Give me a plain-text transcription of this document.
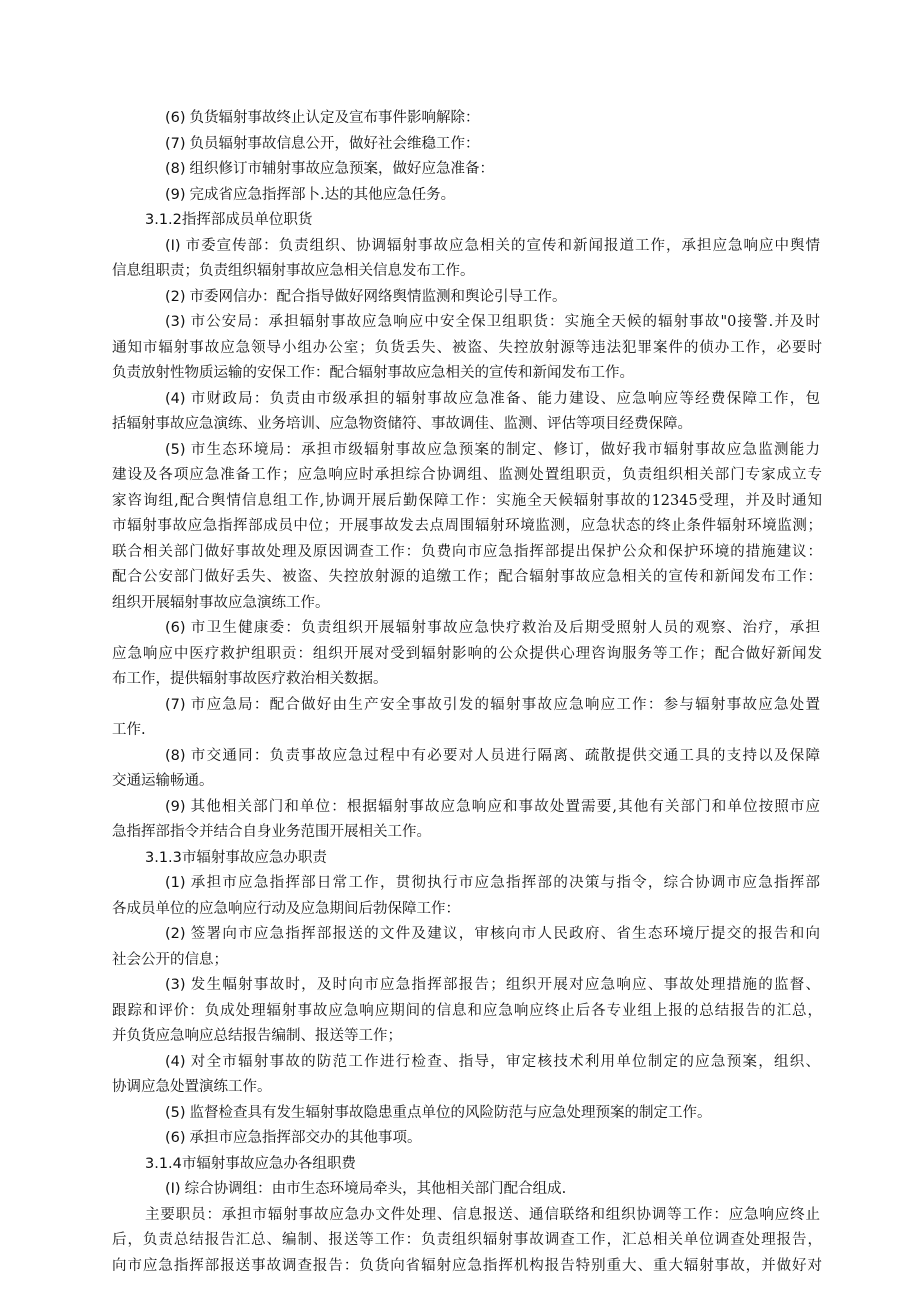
(6) 负货辐射事故终止认定及宣布事件影响解除：
(7) 负员辐射事故信息公开，做好社会维稳工作：
(8) 组织修订市辅射事故应急预案，做好应急准备：
(9) 完成省应急指挥部卜.达的其他应急任务。
3.1.2指挥部成员单位职货
(I) 市委宣传部：负责组织、协调辐射事故应急相关的宣传和新闻报道工作，承担应急响应中舆情
信息组职责；负责组织辐射事故应急相关信息发布工作。
(2) 市委网信办：配合指导做好网络舆情监测和舆论引导工作。
(3) 市公安局：承担辐射事故应急响应中安全保卫组职货：实施全天候的辐射事故"0接警.并及时
通知市辐射事故应急领导小组办公室；负货丢失、被盗、失控放射源等违法犯罪案件的侦办工作，必要时
负责放射性物质运输的安保工作：配合辐射事故应急相关的宣传和新闻发布工作。
(4) 市财政局：负责由市级承担的辐射事故应急准备、能力建设、应急响应等经费保障工作，包
括辐射事故应急演练、业务培训、应急物资储符、事故调佳、监测、评估等项目经费保障。
(5) 市生态环境局：承担市级辐射事故应急预案的制定、修订，做好我市辐射事故应急监测能力
建设及各项应急准备工作；应急响应时承担综合协调组、监测处置组职贡，负责组织相关部门专家成立专
家咨询组,配合舆情信息组工作,协调开展后勤保障工作：实施全天候辐射事故的12345受理，并及时通知
市辐射事故应急指挥部成员中位；开展事故发去点周围辐射环境监测，应急状态的终止条件辐射环境监测；
联合相关部门做好事故处理及原因调查工作：负费向市应急指挥部提出保护公众和保护环境的措施建议：
配合公安部门做好丢失、被盗、失控放射源的追缴工作；配合辐射事故应急相关的宣传和新闻发布工作：
组织开展辐射事故应急演练工作。
(6) 市卫生健康委：负责组织开展辐射事故应急快疗救治及后期受照射人员的观察、治疗，承担
应急响应中医疗救护组职贡：组织开展对受到辐射影响的公众提供心理咨询服务等工作；配合做好新闻发
布工作，提供辐射事故医疗救治相关数据。
(7) 市应急局：配合做好由生产安全事故引发的辐射事故应急响应工作：参与辐射事故应急处置
工作.
(8) 市交通同：负责事故应急过程中有必要对人员进行隔离、疏散提供交通工具的支持以及保障
交通运输畅通。
(9) 其他相关部门和单位：根据辐射事故应急响应和事故处置需要,其他有关部门和单位按照市应
急指挥部指令并结合自身业务范围开展相关工作。
3.1.3市辐射事故应急办职责
(1) 承担市应急指挥部日常工作，贯彻执行市应急指挥部的决策与指令，综合协调市应急指挥部
各成员单位的应急响应行动及应急期间后勃保障工作：
(2) 签署向市应急指挥部报送的文件及建议，审核向市人民政府、省生态环境厅提交的报告和向
社会公开的信息；
(3) 发生幅射事故时，及时向市应急指挥部报告；组织开展对应急响应、事故处理措施的监督、
跟踪和评价：负成处理辐射事故应急响应期间的信息和应急响应终止后各专业组上报的总结报告的汇总，
并负货应急响应总结报告编制、报送等工作；
(4) 对全市辐射事故的防范工作进行检查、指导，审定核技术利用单位制定的应急预案，组织、
协调应急处置演练工作。
(5) 监督检查具有发生辐射事故隐患重点单位的风险防范与应急处理预案的制定工作。
(6) 承担市应急指挥部交办的其他事项。
3.1.4市辐射事故应急办各组职费
(I) 综合协调组：由市生态环境局牵头，其他相关部门配合组成.
主要职员：承担市辐射事故应急办文件处理、信息报送、通信联络和组织协调等工作：应急响应终止
后，负责总结报告汇总、编制、报送等工作：负责组织辐射事故调查工作，汇总相关单位调查处理报告，
向市应急指挥部报送事故调查报告：负货向省辐射应急指挥机构报告特别重大、重大辐射事故，并做好对
